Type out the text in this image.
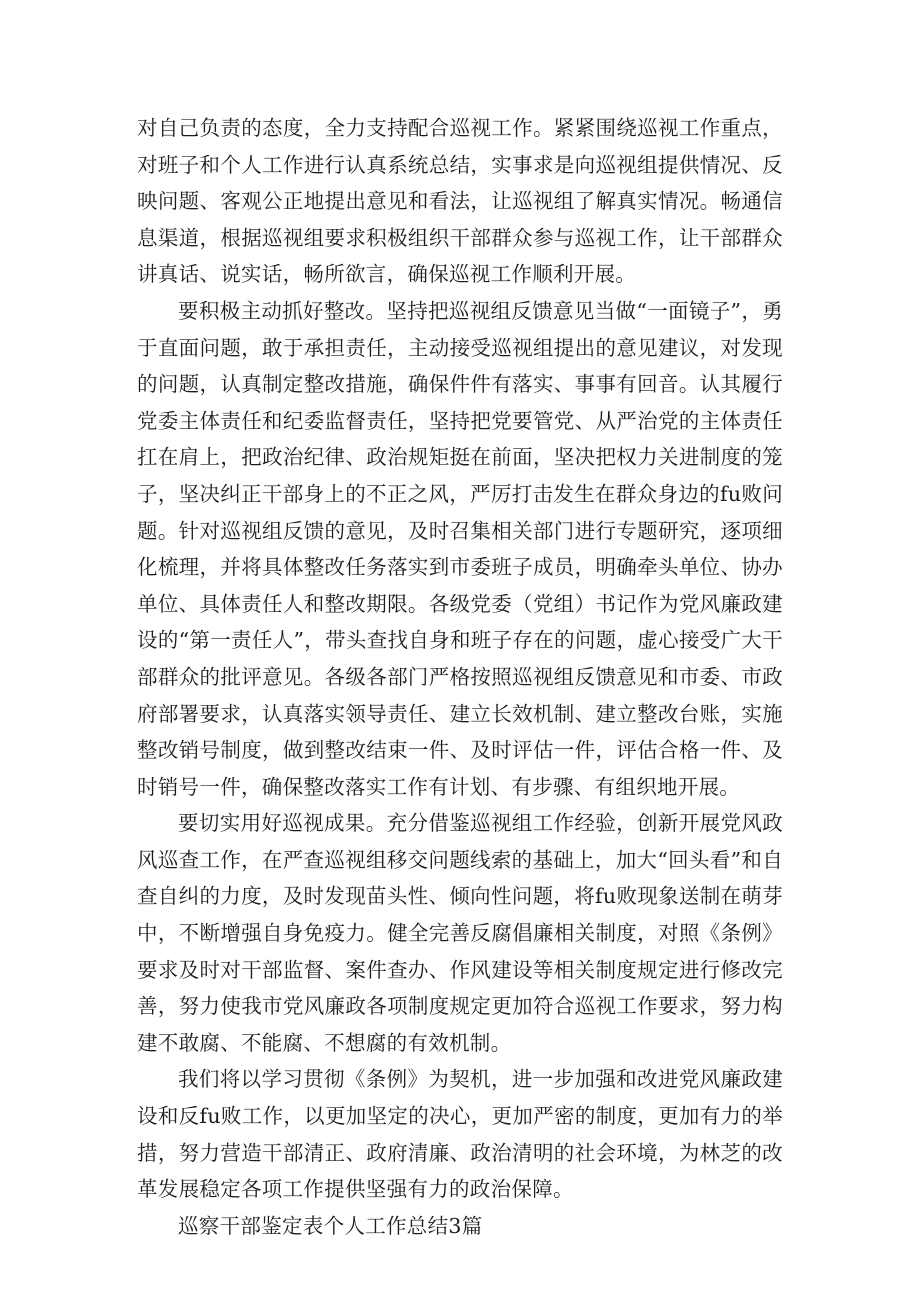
对自己负责的态度，全力支持配合巡视工作。紧紧围绕巡视工作重点，对班子和个人工作进行认真系统总结，实事求是向巡视组提供情况、反映问题、客观公正地提出意见和看法，让巡视组了解真实情况。畅通信息渠道，根据巡视组要求积极组织干部群众参与巡视工作，让干部群众讲真话、说实话，畅所欲言，确保巡视工作顺利开展。

要积极主动抓好整改。坚持把巡视组反馈意见当做“一面镜子”，勇于直面问题，敢于承担责任，主动接受巡视组提出的意见建议，对发现的问题，认真制定整改措施，确保件件有落实、事事有回音。认其履行党委主体责任和纪委监督责任，坚持把党要管党、从严治党的主体责任扛在肩上，把政治纪律、政治规矩挺在前面，坚决把权力关进制度的笼子，坚决纠正干部身上的不正之风，严厉打击发生在群众身边的fu败问题。针对巡视组反馈的意见，及时召集相关部门进行专题研究，逐项细化梳理，并将具体整改任务落实到市委班子成员，明确牵头单位、协办单位、具体责任人和整改期限。各级党委（党组）书记作为党风廉政建设的“第一责任人”，带头查找自身和班子存在的问题，虚心接受广大干部群众的批评意见。各级各部门严格按照巡视组反馈意见和市委、市政府部署要求，认真落实领导责任、建立长效机制、建立整改台账，实施整改销号制度，做到整改结束一件、及时评估一件，评估合格一件、及时销号一件，确保整改落实工作有计划、有步骤、有组织地开展。

要切实用好巡视成果。充分借鉴巡视组工作经验，创新开展党风政风巡查工作，在严查巡视组移交问题线索的基础上，加大“回头看”和自查自纠的力度，及时发现苗头性、倾向性问题，将fu败现象送制在萌芽中，不断增强自身免疫力。健全完善反腐倡廉相关制度，对照《条例》要求及时对干部监督、案件查办、作风建设等相关制度规定进行修改完善，努力使我市党风廉政各项制度规定更加符合巡视工作要求，努力构建不敢腐、不能腐、不想腐的有效机制。

我们将以学习贯彻《条例》为契机，进一步加强和改进党风廉政建设和反fu败工作，以更加坚定的决心，更加严密的制度，更加有力的举措，努力营造干部清正、政府清廉、政治清明的社会环境，为林芝的改革发展稳定各项工作提供坚强有力的政治保障。

巡察干部鉴定表个人工作总结3篇
